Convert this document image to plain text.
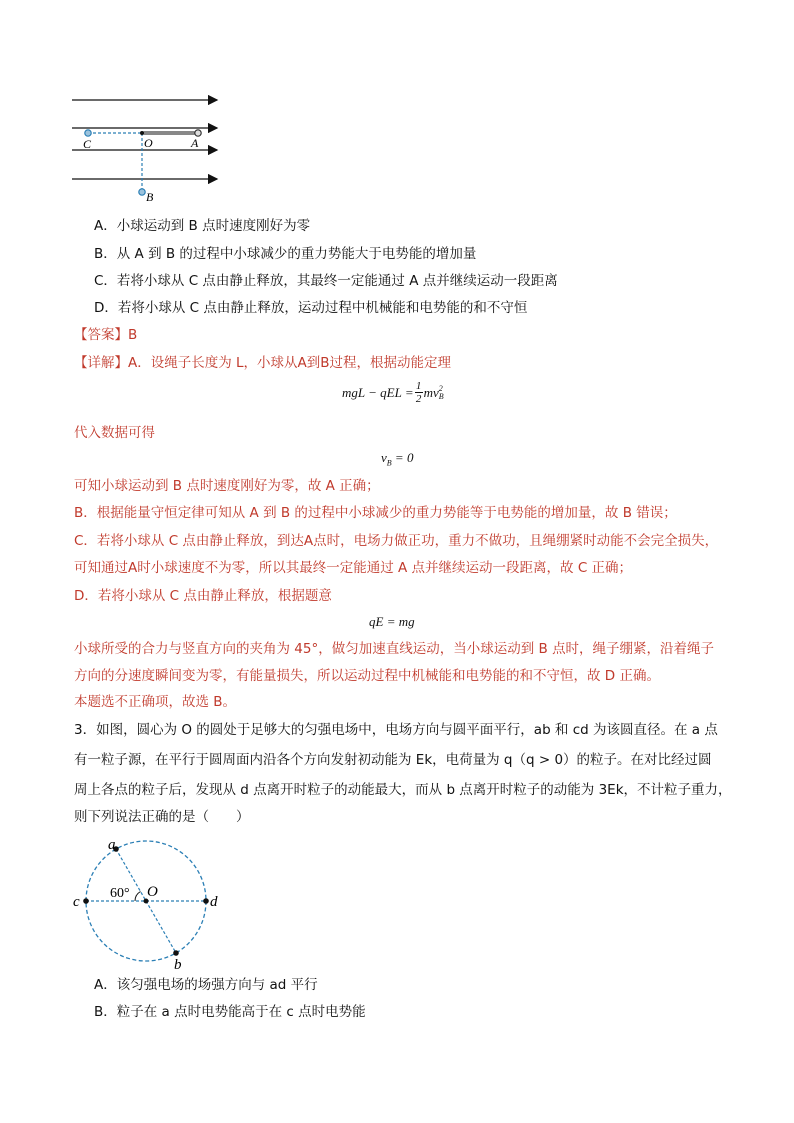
C	O	A
B
A．小球运动到 B 点时速度刚好为零
B．从 A 到 B 的过程中小球减少的重力势能大于电势能的增加量
C．若将小球从 C 点由静止释放，其最终一定能通过 A 点并继续运动一段距离
D．若将小球从 C 点由静止释放，运动过程中机械能和电势能的和不守恒
【答案】B
【详解】A．设绳子长度为 L，小球从A到B过程，根据动能定理
mgL − qEL = 1
2 mv 2
B
代入数据可得
$v_B = 0$
可知小球运动到 B 点时速度刚好为零，故 A 正确；
B．根据能量守恒定律可知从 A 到 B 的过程中小球减少的重力势能等于电势能的增加量，故 B 错误；
C．若将小球从 C 点由静止释放，到达A点时，电场力做正功，重力不做功，且绳绷紧时动能不会完全损失，
可知通过A时小球速度不为零，所以其最终一定能通过 A 点并继续运动一段距离，故 C 正确；
D．若将小球从 C 点由静止释放，根据题意
qE = mg
小球所受的合力与竖直方向的夹角为 45°，做匀加速直线运动，当小球运动到 B 点时，绳子绷紧，沿着绳子
方向的分速度瞬间变为零，有能量损失，所以运动过程中机械能和电势能的和不守恒，故 D 正确。
本题选不正确项，故选 B。
3．如图，圆心为 O 的圆处于足够大的匀强电场中，电场方向与圆平面平行，ab 和 cd 为该圆直径。在 a 点
有一粒子源，在平行于圆周面内沿各个方向发射初动能为 Ek，电荷量为 q（q > 0）的粒子。在对比经过圆
周上各点的粒子后，发现从 d 点离开时粒子的动能最大，而从 b 点离开时粒子的动能为 3Ek，不计粒子重力，
则下列说法正确的是（　　）
a
b
c	d
O
60°
A．该匀强电场的场强方向与 ad 平行
B．粒子在 a 点时电势能高于在 c 点时电势能
